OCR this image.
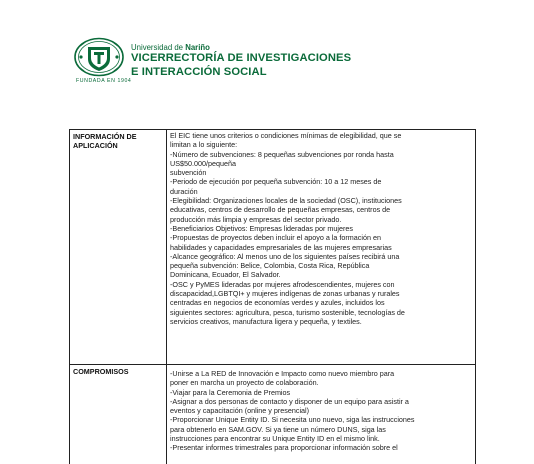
FUNDADA EN 1904
Universidad de Nariño
VICERRECTORÍA DE INVESTIGACIONES
E INTERACCIÓN SOCIAL
INFORMACIÓN DE APLICACIÓN
El EIC tiene unos criterios o condiciones mínimas de elegibilidad, que se
limitan a lo siguiente:
-Número de subvenciones: 8 pequeñas subvenciones por ronda hasta
US$50.000/pequeña
subvención
-Periodo de ejecución por pequeña subvención: 10 a 12 meses de
duración
-Elegibilidad: Organizaciones locales de la sociedad (OSC), instituciones
educativas, centros de desarrollo de pequeñas empresas, centros de
producción más limpia y empresas del sector privado.
-Beneficiarios Objetivos: Empresas lideradas por mujeres
-Propuestas de proyectos deben incluir el apoyo a la formación en
habilidades y capacidades empresariales de las mujeres empresarias
-Alcance geográfico: Al menos uno de los siguientes países recibirá una
pequeña subvención: Belice, Colombia, Costa Rica, República
Dominicana, Ecuador, El Salvador.
-OSC y PyMES lideradas por mujeres afrodescendientes, mujeres con
discapacidad,LGBTQI+ y mujeres indígenas de zonas urbanas y rurales
centradas en negocios de economías verdes y azules, incluidos los
siguientes sectores: agricultura, pesca, turismo sostenible, tecnologías de
servicios creativos, manufactura ligera y pequeña, y textiles.
COMPROMISOS	-Unirse a La RED de Innovación e Impacto como nuevo miembro para
poner en marcha un proyecto de colaboración.
-Viajar para la Ceremonia de Premios
-Asignar a dos personas de contacto y disponer de un equipo para asistir a
eventos y capacitación (online y presencial)
-Proporcionar Unique Entity ID. Si necesita uno nuevo, siga las instrucciones
para obtenerlo en SAM.GOV. Si ya tiene un número DUNS, siga las
instrucciones para encontrar su Unique Entity ID en el mismo link.
-Presentar informes trimestrales para proporcionar información sobre el
